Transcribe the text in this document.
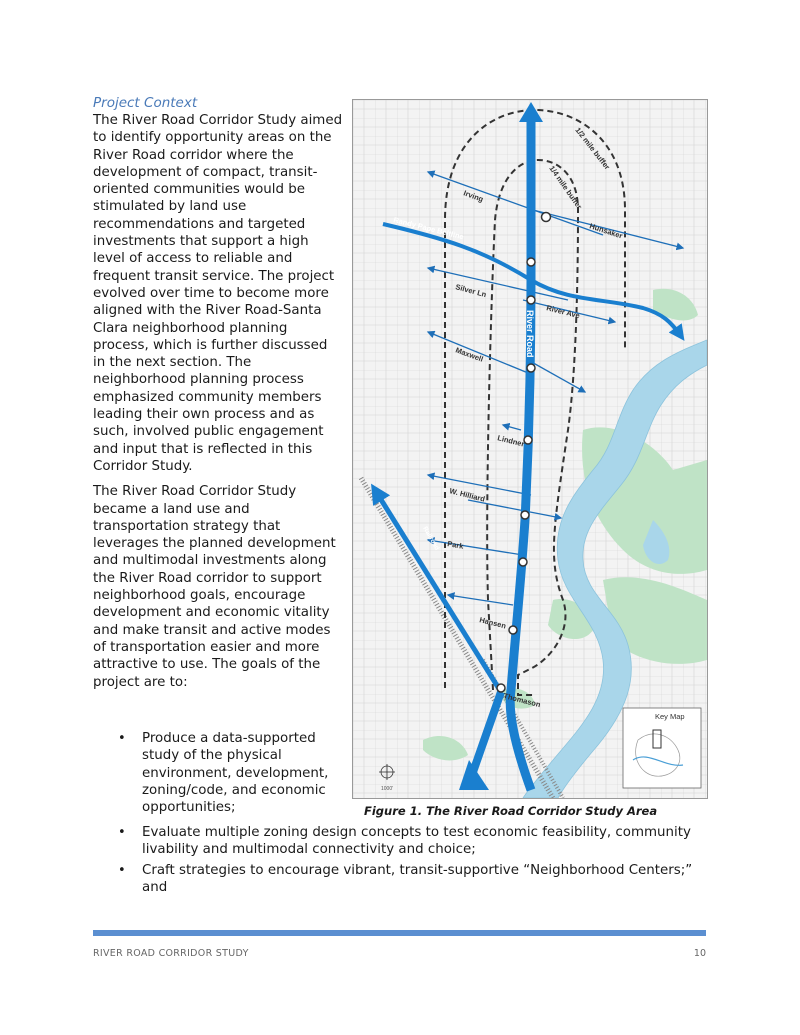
Project Context

The River Road Corridor Study aimed to identify opportunity areas on the River Road corridor where the development of compact, transit-oriented communities would be stimulated by land use recommendations and targeted investments that support a high level of access to reliable and frequent transit service. The project evolved over time to become more aligned with the River Road-Santa Clara neighborhood planning process, which is further discussed in the next section. The neighborhood planning process emphasized community members leading their own process and as such, involved public engagement and input that is reflected in this Corridor Study.

The River Road Corridor Study became a land use and transportation strategy that leverages the planned development and multimodal investments along the River Road corridor to support neighborhood goals, encourage development and economic vitality and make transit and active modes of transportation easier and more attractive to use. The goals of the project are to:

• Produce a data-supported study of the physical environment, development, zoning/code, and economic opportunities;
• Evaluate multiple zoning design concepts to test economic feasibility, community livability and multimodal connectivity and choice;
• Craft strategies to encourage vibrant, transit-supportive “Neighborhood Centers;” and
1/2 mile buffer
1/4 mile buffer
Irving
Hunsaker
Randy Pape Beltline
Silver Ln
River Ave
River Road
Maxwell
Lindner
W. Hilliard
Park
Hansen
Thomason
Railroad
Key Map
1000'
Figure 1. The River Road Corridor Study Area
RIVER ROAD CORRIDOR STUDY	10
